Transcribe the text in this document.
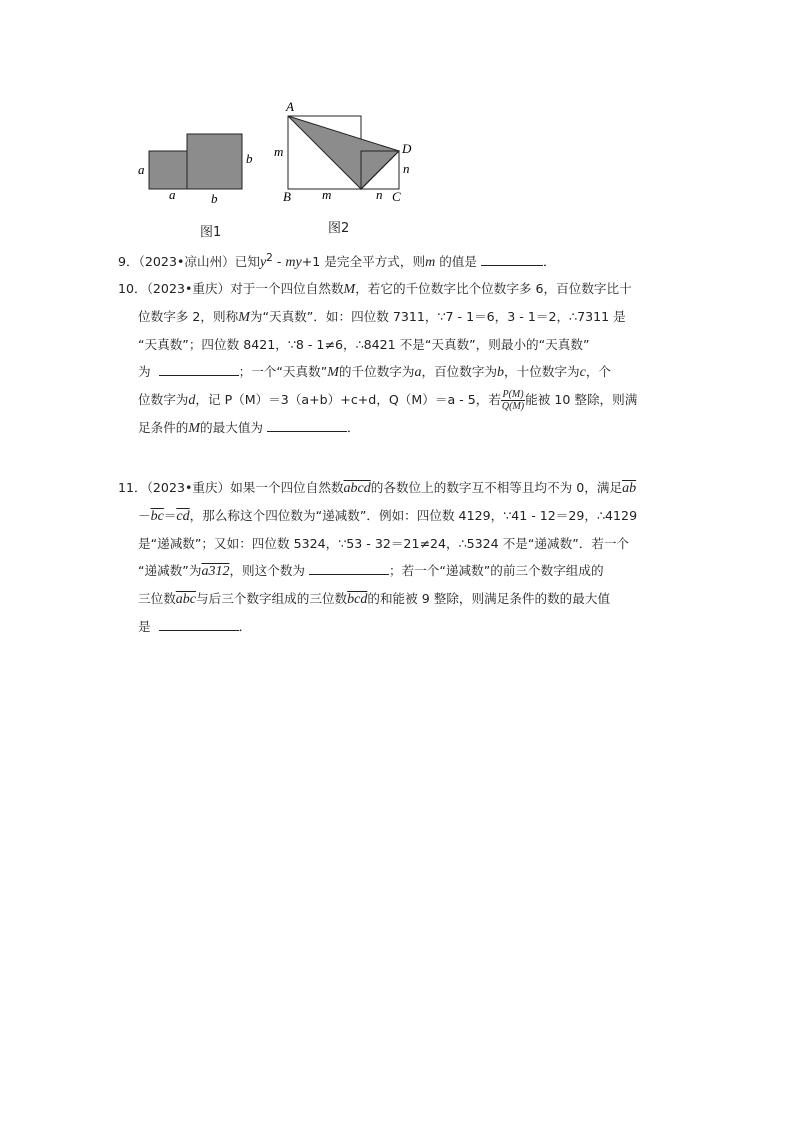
a
b
a	b
图1
A
B	C
D
m
m	n
n
图2

9．（2023•凉山州）已知$y^2 - my+1$ 是完全平方式，则m 的值是	．

10．（2023•重庆）对于一个四位自然数M，若它的千位数字比个位数字多 6，百位数字比十

位数字多 2，则称M为“天真数”．如：四位数 7311，∵7 - 1＝6，3 - 1＝2，∴7311 是

“天真数”；四位数 8421，∵8 - 1≠6，∴8421 不是“天真数”，则最小的“天真数”

为	；一个“天真数”M的千位数字为a，百位数字为b，十位数字为c，个

位数字为d，记 P（M）＝3（a+b）+c+d，Q（M）＝a - 5，若 $\frac{P(M)}{Q(M)}$ 能被 10 整除，则满

足条件的M的最大值为	．

11．（2023•重庆）如果一个四位自然数abcd的各数位上的数字互不相等且均不为 0，满足$\overline{ab}$

$-\overline{bc}=\overline{cd}$，那么称这个四位数为“递减数”．例如：四位数 4129，∵41 - 12＝29，∴4129

是“递减数”；又如：四位数 5324，∵53 - 32＝21≠24，∴5324 不是“递减数”．若一个

“递减数”为a312，则这个数为	；若一个“递减数”的前三个数字组成的

三位数$\overline{abc}$与后三个数字组成的三位数$\overline{bcd}$的和能被 9 整除，则满足条件的数的最大值

是	．
